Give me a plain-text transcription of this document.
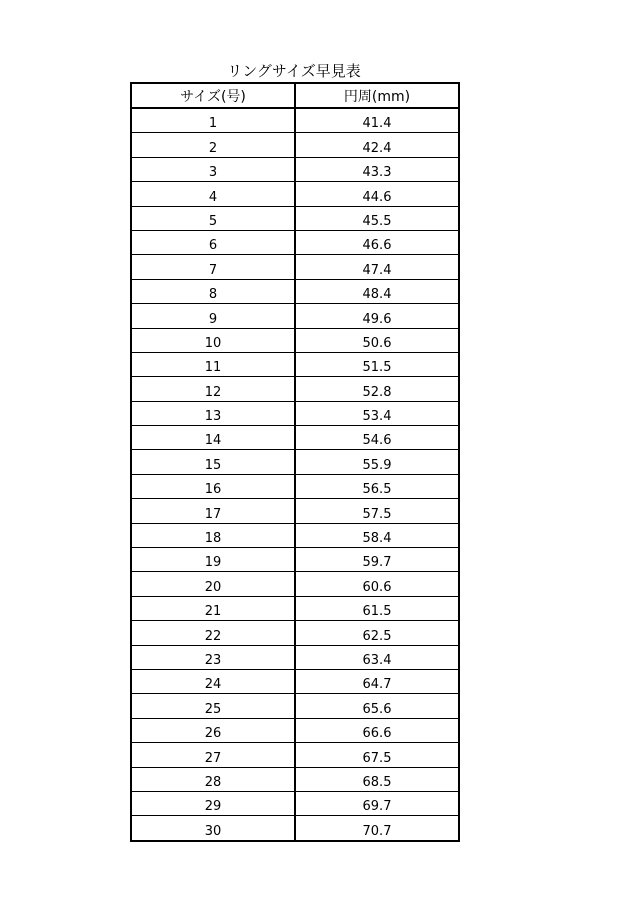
リングサイズ早見表
サイズ(号)	円周(mm)
1	41.4
2	42.4
3	43.3
4	44.6
5	45.5
6	46.6
7	47.4
8	48.4
9	49.6
10	50.6
11	51.5
12	52.8
13	53.4
14	54.6
15	55.9
16	56.5
17	57.5
18	58.4
19	59.7
20	60.6
21	61.5
22	62.5
23	63.4
24	64.7
25	65.6
26	66.6
27	67.5
28	68.5
29	69.7
30	70.7
